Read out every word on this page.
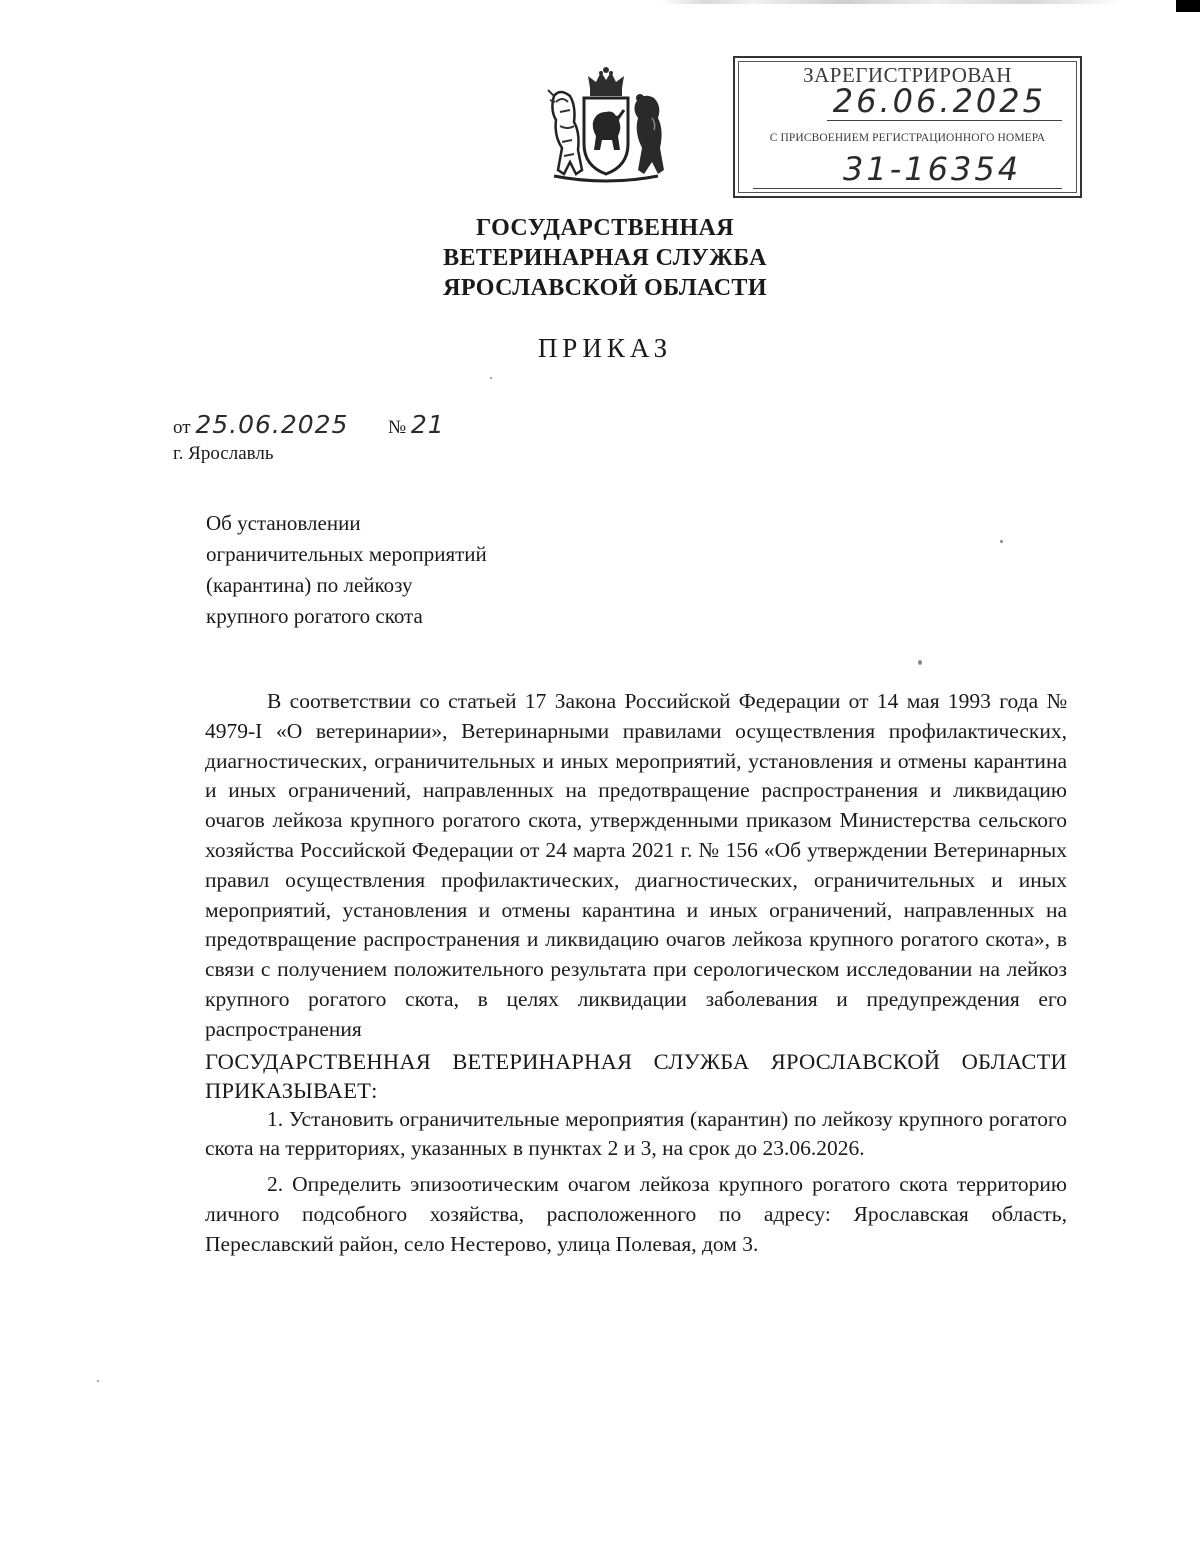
ЗАРЕГИСТРИРОВАН
26.06.2025
С ПРИСВОЕНИЕМ РЕГИСТРАЦИОННОГО НОМЕРА
31-16354
ГОСУДАРСТВЕННАЯ
ВЕТЕРИНАРНАЯ СЛУЖБА
ЯРОСЛАВСКОЙ ОБЛАСТИ
ПРИКАЗ
от 25.06.2025 № 21
г. Ярославль
Об установлении
ограничительных мероприятий
(карантина) по лейкозу
крупного рогатого скота

В соответствии со статьей 17 Закона Российской Федерации от 14 мая 1993 года № 4979-I «О ветеринарии», Ветеринарными правилами осуществления профилактических, диагностических, ограничительных и иных мероприятий, установления и отмены карантина и иных ограничений, направленных на предотвращение распространения и ликвидацию очагов лейкоза крупного рогатого скота, утвержденными приказом Министерства сельского хозяйства Российской Федерации от 24 марта 2021 г. № 156 «Об утверждении Ветеринарных правил осуществления профилактических, диагностических, ограничительных и иных мероприятий, установления и отмены карантина и иных ограничений, направленных на предотвращение распространения и ликвидацию очагов лейкоза крупного рогатого скота», в связи с получением положительного результата при серологическом исследовании на лейкоз крупного рогатого скота, в целях ликвидации заболевания и предупреждения его распространения

ГОСУДАРСТВЕННАЯ ВЕТЕРИНАРНАЯ СЛУЖБА ЯРОСЛАВСКОЙ ОБЛАСТИ ПРИКАЗЫВАЕТ:

1. Установить ограничительные мероприятия (карантин) по лейкозу крупного рогатого скота на территориях, указанных в пунктах 2 и 3, на срок до 23.06.2026.

2. Определить эпизоотическим очагом лейкоза крупного рогатого скота территорию личного подсобного хозяйства, расположенного по адресу: Ярославская область, Переславский район, село Нестерово, улица Полевая, дом 3.
